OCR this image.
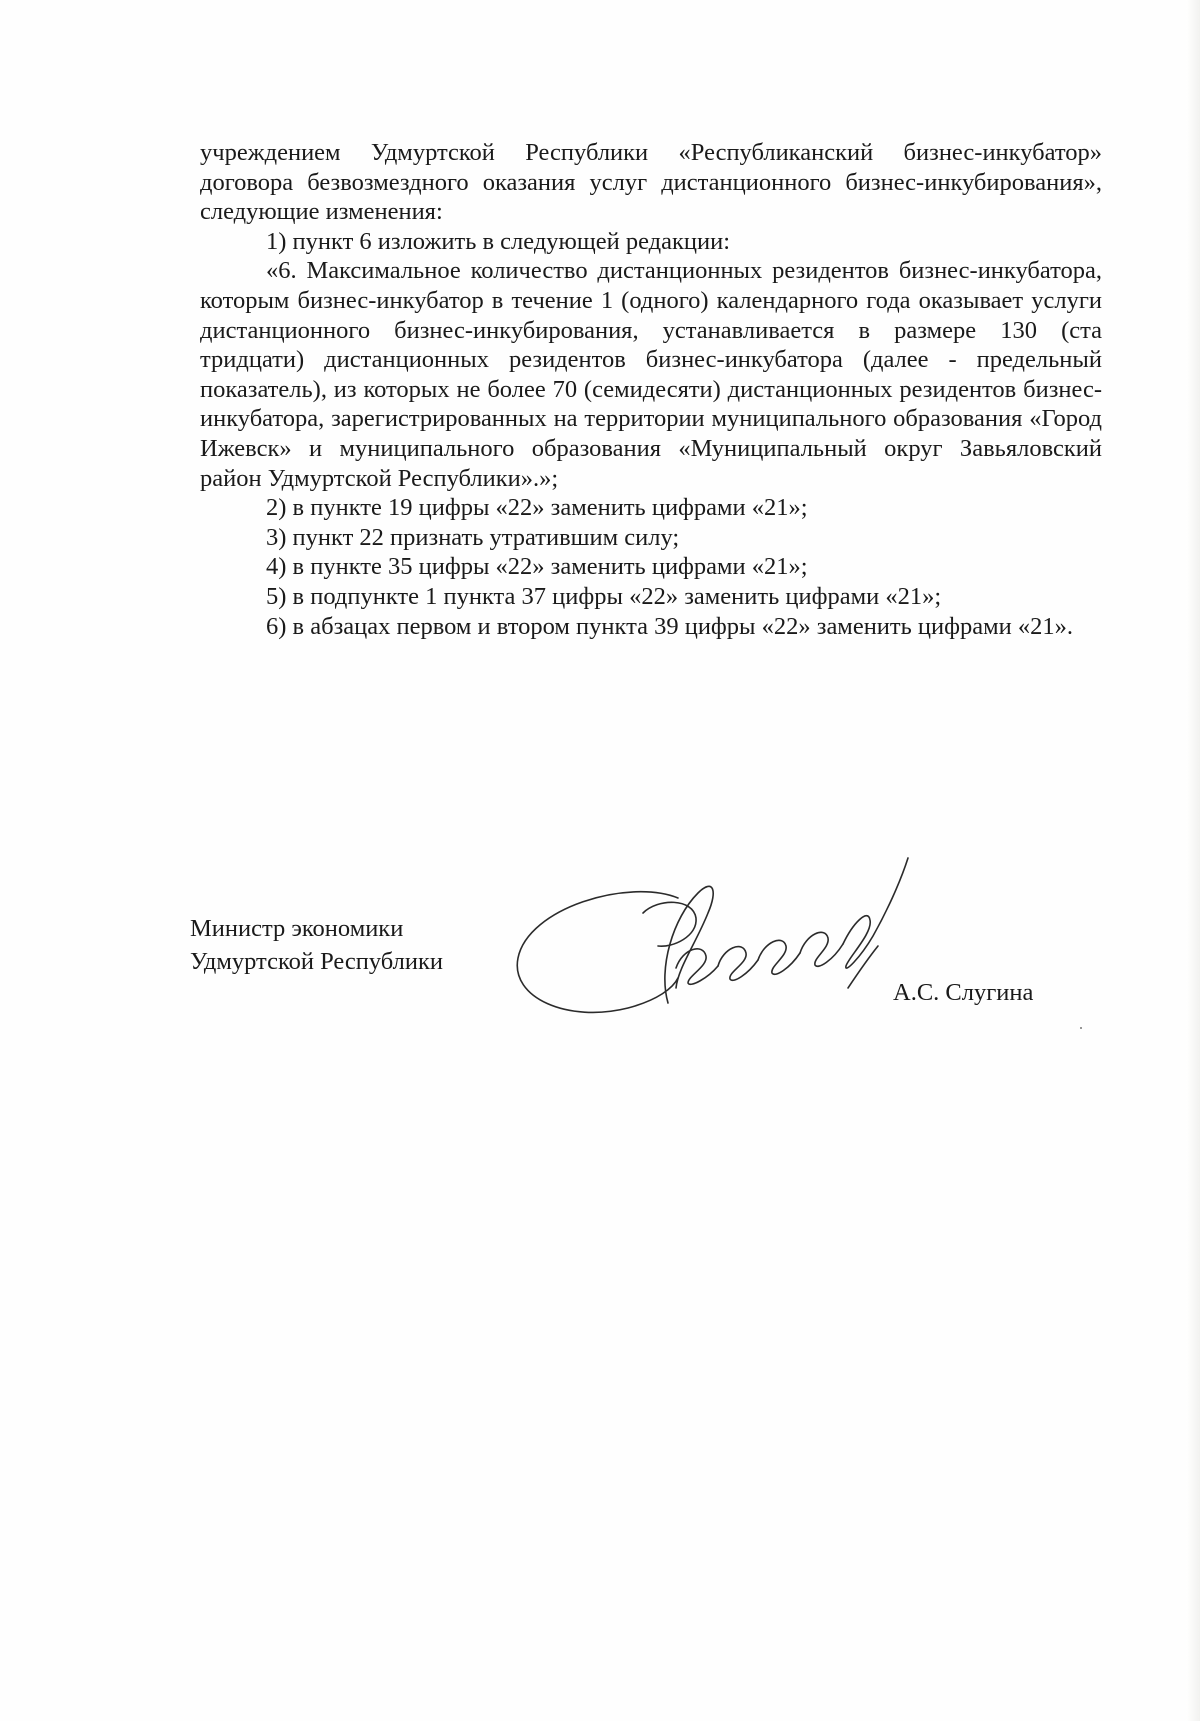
учреждением Удмуртской Республики «Республиканский бизнес-инкубатор» договора безвозмездного оказания услуг дистанционного бизнес-инкубирования», следующие изменения:

1) пункт 6 изложить в следующей редакции:

«6. Максимальное количество дистанционных резидентов бизнес-инкубатора, которым бизнес-инкубатор в течение 1 (одного) календарного года оказывает услуги дистанционного бизнес-инкубирования, устанавливается в размере 130 (ста тридцати) дистанционных резидентов бизнес-инкубатора (далее - предельный показатель), из которых не более 70 (семидесяти) дистанционных резидентов бизнес-инкубатора, зарегистрированных на территории муниципального образования «Город Ижевск» и муниципального образования «Муниципальный округ Завьяловский район Удмуртской Республики».»;

2) в пункте 19 цифры «22» заменить цифрами «21»;

3) пункт 22 признать утратившим силу;

4) в пункте 35 цифры «22» заменить цифрами «21»;

5) в подпункте 1 пункта 37 цифры «22» заменить цифрами «21»;

6) в абзацах первом и втором пункта 39 цифры «22» заменить цифрами «21».

Министр экономики
Удмуртской Республики
А.С. Слугина
